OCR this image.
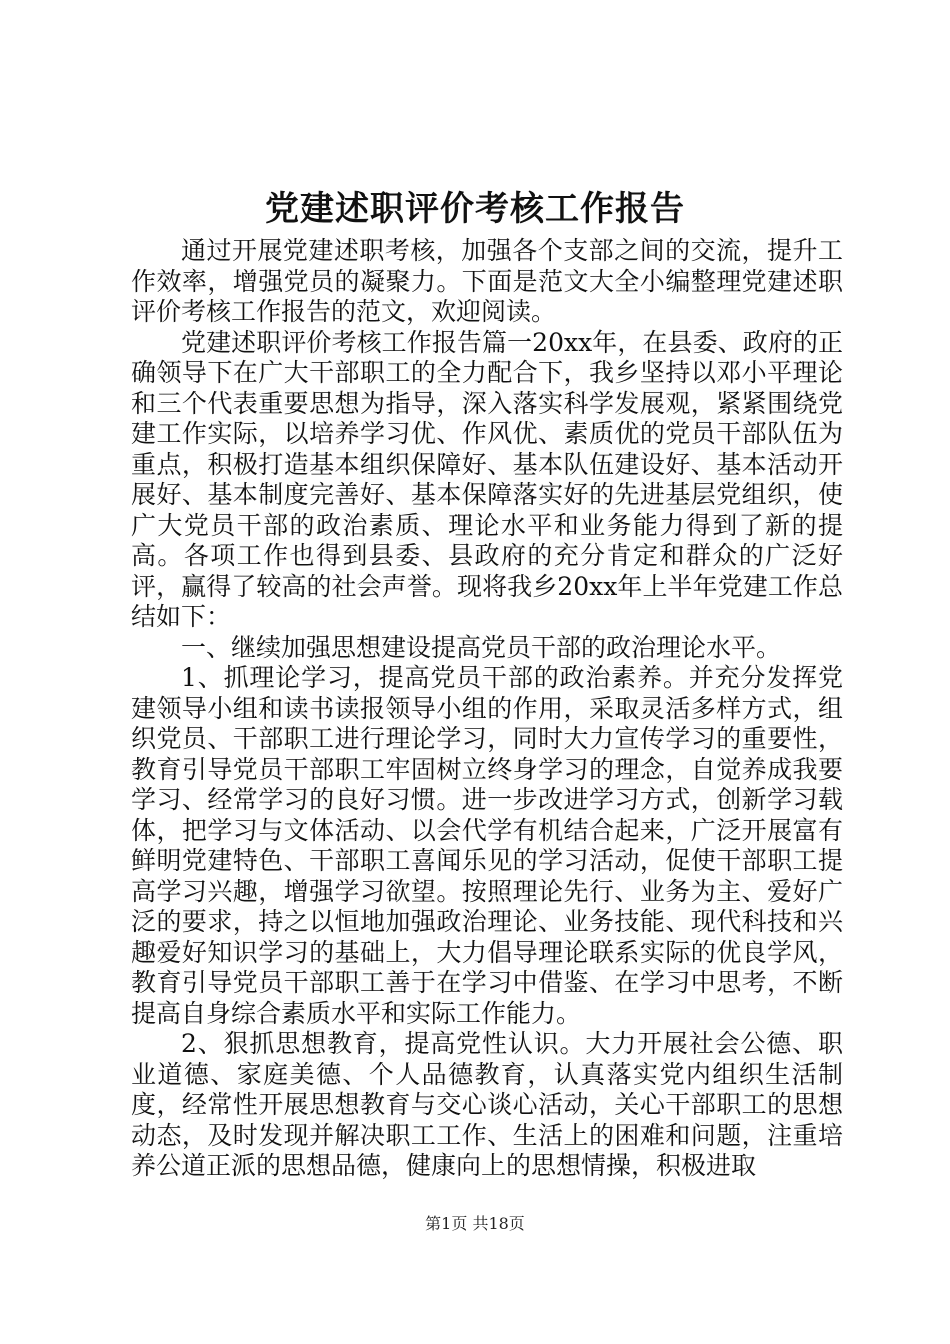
党建述职评价考核工作报告

通过开展党建述职考核，加强各个支部之间的交流，提升工作效率，增强党员的凝聚力。下面是范文大全小编整理党建述职评价考核工作报告的范文，欢迎阅读。

党建述职评价考核工作报告篇一20xx年，在县委、政府的正确领导下在广大干部职工的全力配合下，我乡坚持以邓小平理论和三个代表重要思想为指导，深入落实科学发展观，紧紧围绕党建工作实际，以培养学习优、作风优、素质优的党员干部队伍为重点，积极打造基本组织保障好、基本队伍建设好、基本活动开展好、基本制度完善好、基本保障落实好的先进基层党组织，使广大党员干部的政治素质、理论水平和业务能力得到了新的提高。各项工作也得到县委、县政府的充分肯定和群众的广泛好评，赢得了较高的社会声誉。现将我乡20xx年上半年党建工作总结如下：

一、继续加强思想建设提高党员干部的政治理论水平。

1、抓理论学习，提高党员干部的政治素养。并充分发挥党建领导小组和读书读报领导小组的作用，采取灵活多样方式，组织党员、干部职工进行理论学习，同时大力宣传学习的重要性，教育引导党员干部职工牢固树立终身学习的理念，自觉养成我要学习、经常学习的良好习惯。进一步改进学习方式，创新学习载体，把学习与文体活动、以会代学有机结合起来，广泛开展富有鲜明党建特色、干部职工喜闻乐见的学习活动，促使干部职工提高学习兴趣，增强学习欲望。按照理论先行、业务为主、爱好广泛的要求，持之以恒地加强政治理论、业务技能、现代科技和兴趣爱好知识学习的基础上，大力倡导理论联系实际的优良学风，教育引导党员干部职工善于在学习中借鉴、在学习中思考，不断提高自身综合素质水平和实际工作能力。

2、狠抓思想教育，提高党性认识。大力开展社会公德、职业道德、家庭美德、个人品德教育，认真落实党内组织生活制度，经常性开展思想教育与交心谈心活动，关心干部职工的思想动态，及时发现并解决职工工作、生活上的困难和问题，注重培养公道正派的思想品德，健康向上的思想情操，积极进取

第1页 共18页
